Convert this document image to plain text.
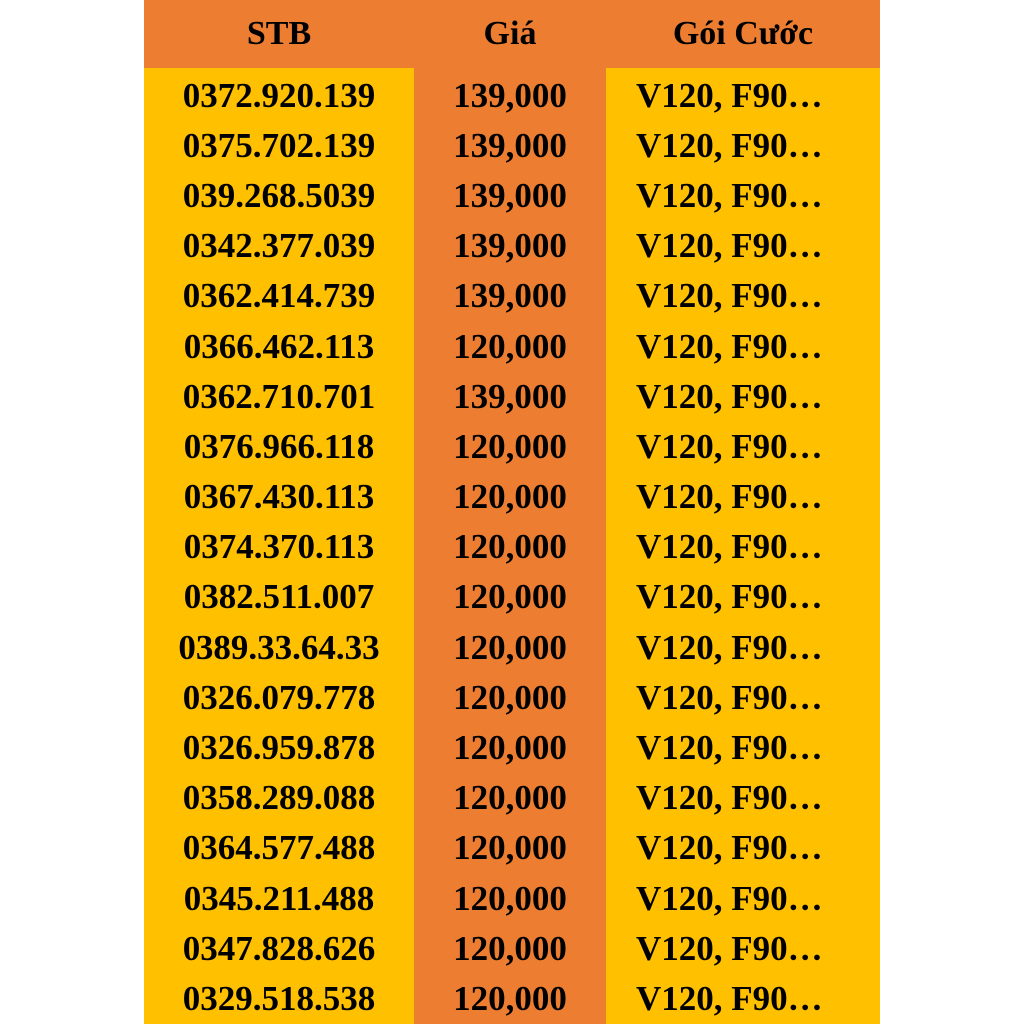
STB	Giá	Gói Cước
0372.920.139	139,000	V120, F90…
0375.702.139	139,000	V120, F90…
039.268.5039	139,000	V120, F90…
0342.377.039	139,000	V120, F90…
0362.414.739	139,000	V120, F90…
0366.462.113	120,000	V120, F90…
0362.710.701	139,000	V120, F90…
0376.966.118	120,000	V120, F90…
0367.430.113	120,000	V120, F90…
0374.370.113	120,000	V120, F90…
0382.511.007	120,000	V120, F90…
0389.33.64.33	120,000	V120, F90…
0326.079.778	120,000	V120, F90…
0326.959.878	120,000	V120, F90…
0358.289.088	120,000	V120, F90…
0364.577.488	120,000	V120, F90…
0345.211.488	120,000	V120, F90…
0347.828.626	120,000	V120, F90…
0329.518.538	120,000	V120, F90…
